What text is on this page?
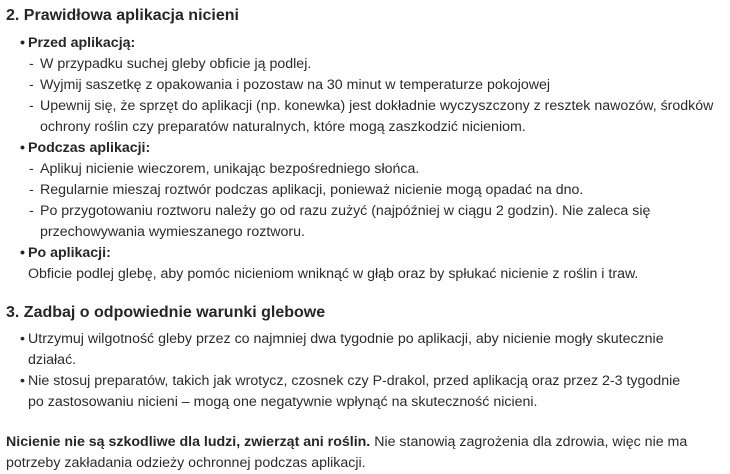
2. Prawidłowa aplikacja nicieni
• Przed aplikacją:
- W przypadku suchej gleby obficie ją podlej.
- Wyjmij saszetkę z opakowania i pozostaw na 30 minut w temperaturze pokojowej
- Upewnij się, że sprzęt do aplikacji (np. konewka) jest dokładnie wyczyszczony z resztek nawozów, środków
ochrony roślin czy preparatów naturalnych, które mogą zaszkodzić nicieniom.
• Podczas aplikacji:
- Aplikuj nicienie wieczorem, unikając bezpośredniego słońca.
- Regularnie mieszaj roztwór podczas aplikacji, ponieważ nicienie mogą opadać na dno.
- Po przygotowaniu roztworu należy go od razu zużyć (najpóźniej w ciągu 2 godzin). Nie zaleca się
przechowywania wymieszanego roztworu.
• Po aplikacji:
Obficie podlej glebę, aby pomóc nicieniom wniknąć w głąb oraz by spłukać nicienie z roślin i traw.
3. Zadbaj o odpowiednie warunki glebowe
• Utrzymuj wilgotność gleby przez co najmniej dwa tygodnie po aplikacji, aby nicienie mogły skutecznie
działać.
• Nie stosuj preparatów, takich jak wrotycz, czosnek czy P-drakol, przed aplikacją oraz przez 2-3 tygodnie
po zastosowaniu nicieni – mogą one negatywnie wpłynąć na skuteczność nicieni.
Nicienie nie są szkodliwe dla ludzi, zwierząt ani roślin. Nie stanowią zagrożenia dla zdrowia, więc nie ma
potrzeby zakładania odzieży ochronnej podczas aplikacji.
